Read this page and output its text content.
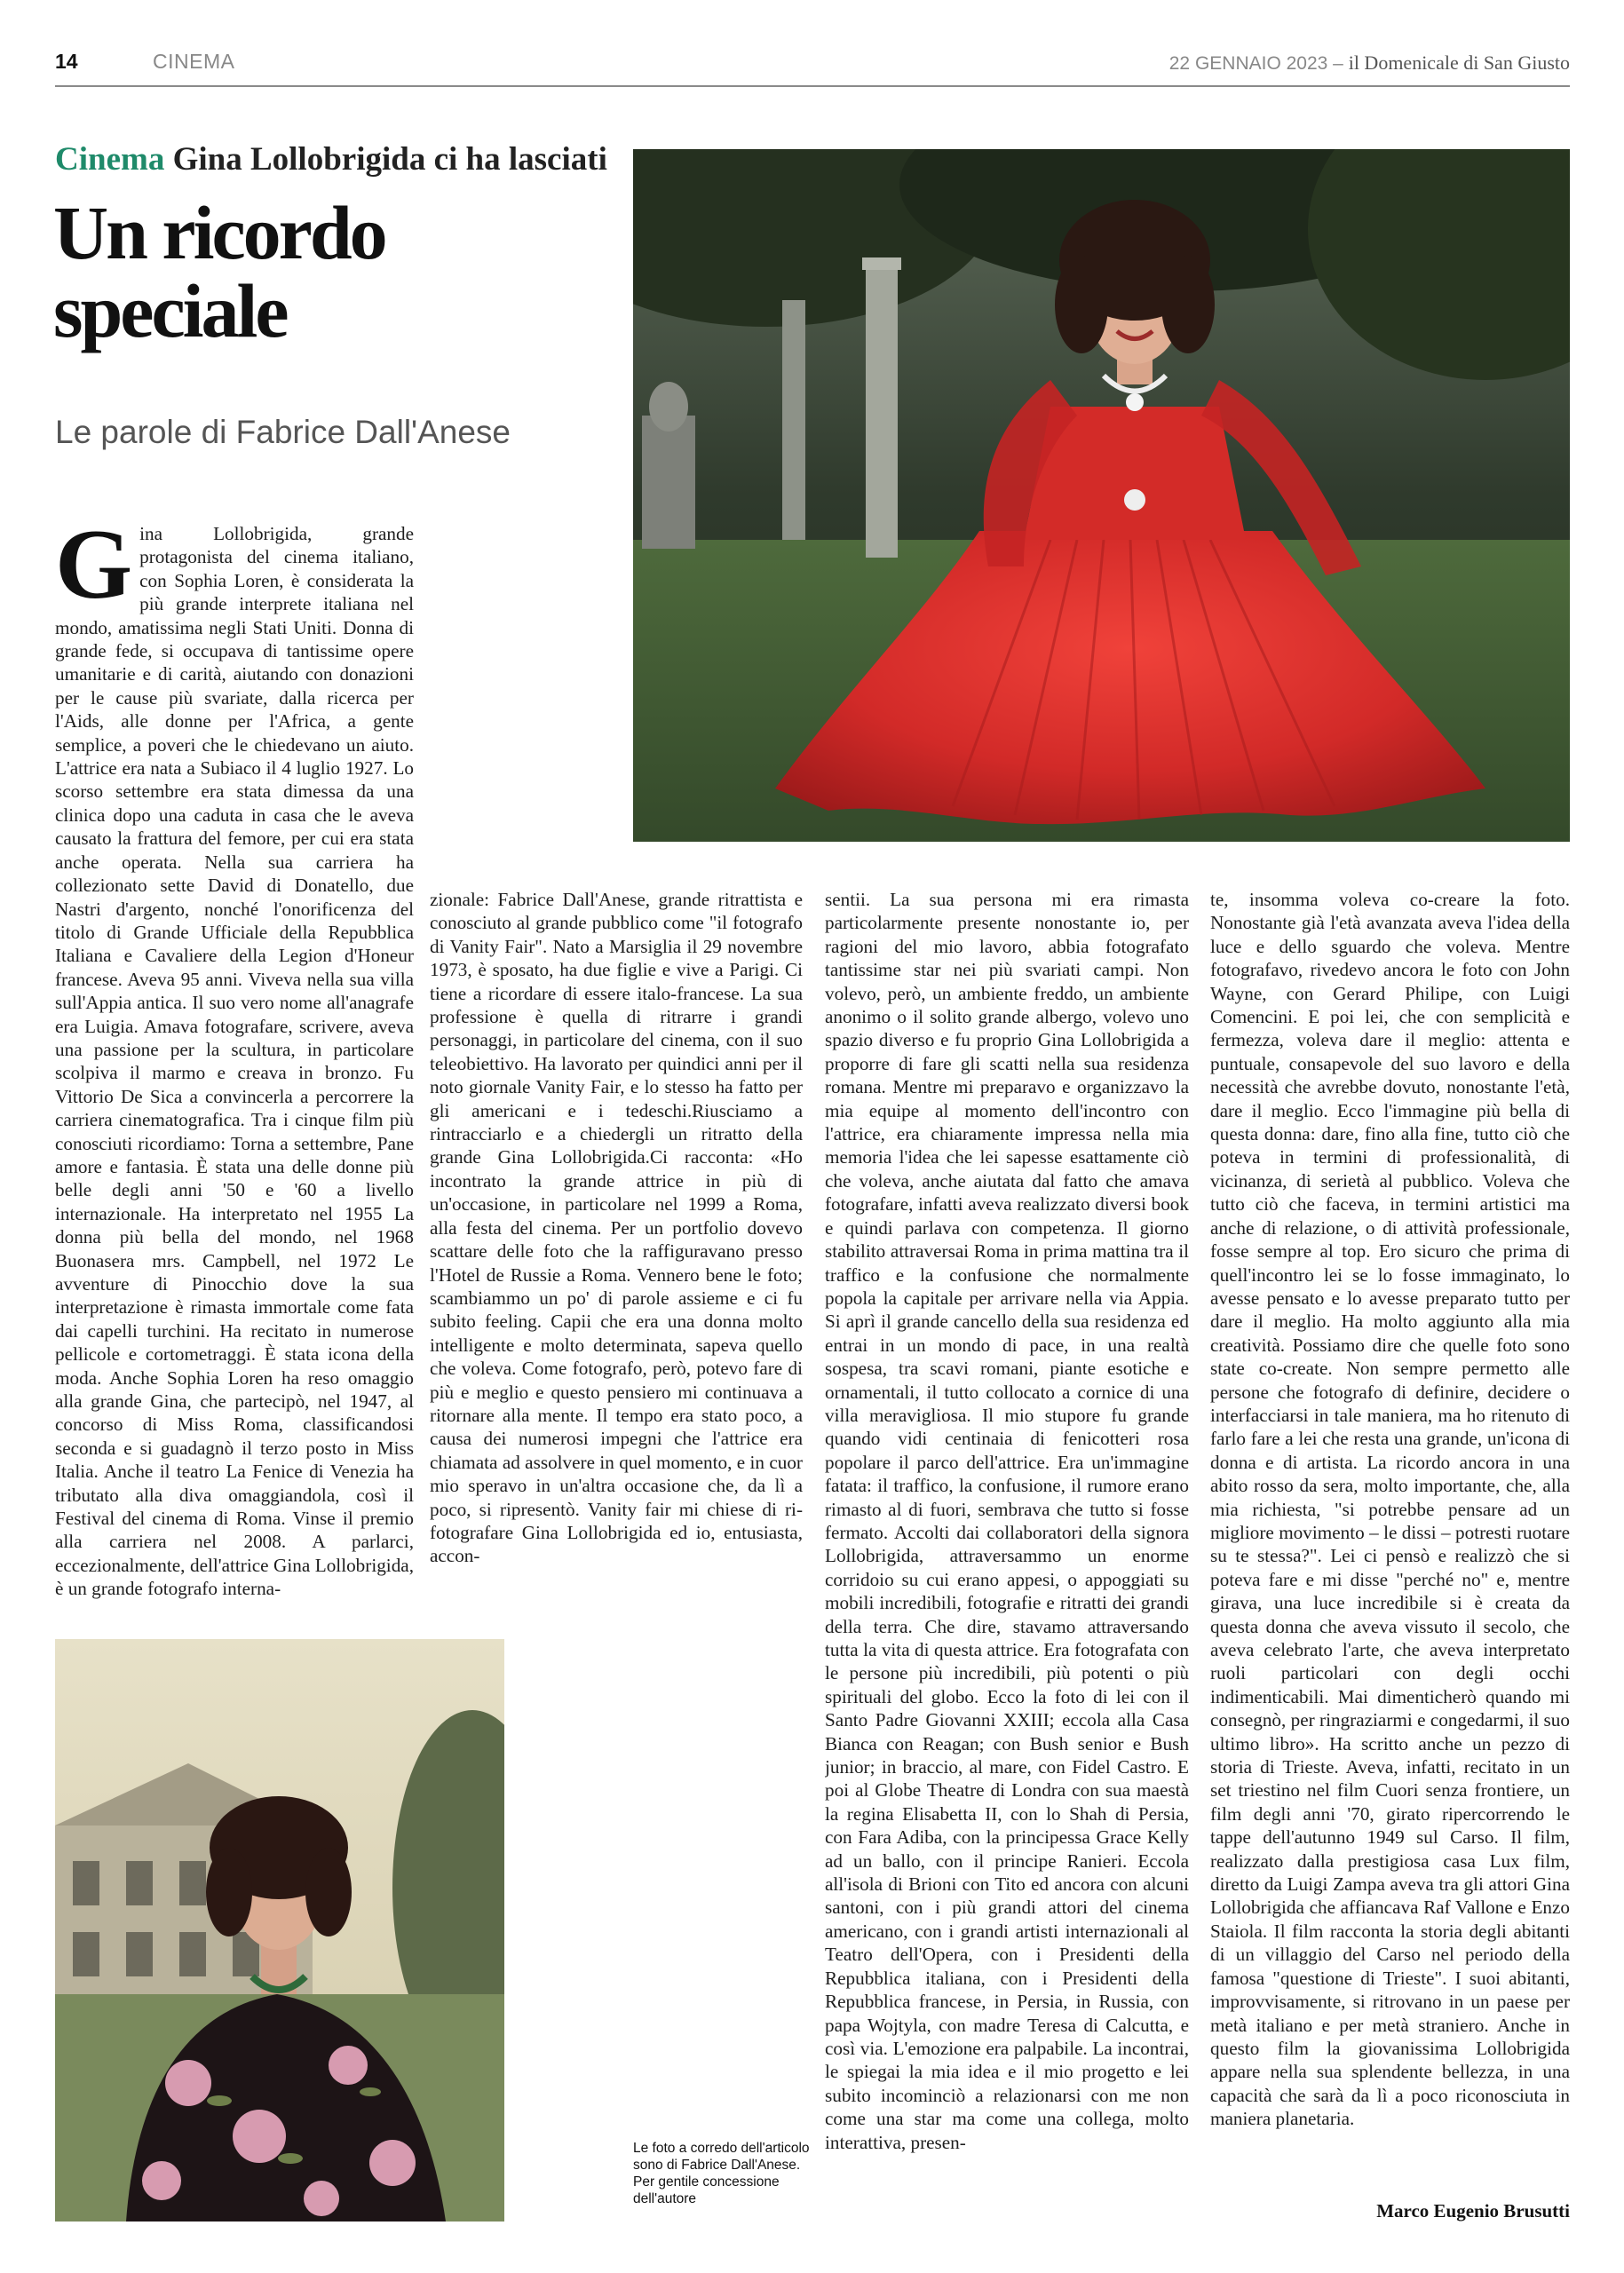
14	CINEMA	22 GENNAIO 2023 – il Domenicale di San Giusto
Cinema Gina Lollobrigida ci ha lasciati
Un ricordo
speciale
Le parole di Fabrice Dall'Anese
Le foto a corredo dell'articolo sono di Fabrice Dall'Anese. Per gentile concessione dell'autore
G ina Lollobrigida, grande protagonista del cinema italiano, con Sophia Loren, è considerata la più grande interprete italiana nel mondo, amatissima negli Stati Uniti. Donna di grande fede, si occupava di tantissime opere umanitarie e di carità, aiutando con donazioni per le cause più svariate, dalla ricerca per l'Aids, alle donne per l'Africa, a gente semplice, a poveri che le chiedevano un aiuto. L'attrice era nata a Subiaco il 4 luglio 1927. Lo scorso settembre era stata dimessa da una clinica dopo una caduta in casa che le aveva causato la frattura del femore, per cui era stata anche operata. Nella sua carriera ha collezionato sette David di Donatello, due Nastri d'argento, nonché l'onorificenza del titolo di Grande Ufficiale della Repubblica Italiana e Cavaliere della Legion d'Honeur francese. Aveva 95 anni. Viveva nella sua villa sull'Appia antica. Il suo vero nome all'anagrafe era Luigia. Amava fotografare, scrivere, aveva una passione per la scultura, in particolare scolpiva il marmo e creava in bronzo. Fu Vittorio De Sica a convincerla a percorrere la carriera cinematografica. Tra i cinque film più conosciuti ricordiamo: Torna a settembre, Pane amore e fantasia. È stata una delle donne più belle degli anni '50 e '60 a livello internazionale. Ha interpretato nel 1955 La donna più bella del mondo, nel 1968 Buonasera mrs. Campbell, nel 1972 Le avventure di Pinocchio dove la sua interpretazione è rimasta immortale come fata dai capelli turchini. Ha recitato in numerose pellicole e cortometraggi. È stata icona della moda. Anche Sophia Loren ha reso omaggio alla grande Gina, che partecipò, nel 1947, al concorso di Miss Roma, classificandosi seconda e si guadagnò il terzo posto in Miss Italia. Anche il teatro La Fenice di Venezia ha tributato alla diva omaggiandola, così il Festival del cinema di Roma. Vinse il premio alla carriera nel 2008. A parlarci, eccezionalmente, dell'attrice Gina Lollobrigida, è un grande fotografo interna-

zionale: Fabrice Dall'Anese, grande ritrattista e conosciuto al grande pubblico come "il fotografo di Vanity Fair". Nato a Marsiglia il 29 novembre 1973, è sposato, ha due figlie e vive a Parigi. Ci tiene a ricordare di essere italo-francese. La sua professione è quella di ritrarre i grandi personaggi, in particolare del cinema, con il suo teleobiettivo. Ha lavorato per quindici anni per il noto giornale Vanity Fair, e lo stesso ha fatto per gli americani e i tedeschi.Riusciamo a rintracciarlo e a chiedergli un ritratto della grande Gina Lollobrigida.Ci racconta: «Ho incontrato la grande attrice in più di un'occasione, in particolare nel 1999 a Roma, alla festa del cinema. Per un portfolio dovevo scattare delle foto che la raffiguravano presso l'Hotel de Russie a Roma. Vennero bene le foto; scambiammo un po' di parole assieme e ci fu subito feeling. Capii che era una donna molto intelligente e molto determinata, sapeva quello che voleva. Come fotografo, però, potevo fare di più e meglio e questo pensiero mi continuava a ritornare alla mente. Il tempo era stato poco, a causa dei numerosi impegni che l'attrice era chiamata ad assolvere in quel momento, e in cuor mio speravo in un'altra occasione che, da lì a poco, si ripresentò. Vanity fair mi chiese di ri-fotografare Gina Lollobrigida ed io, entusiasta, accon-

sentii. La sua persona mi era rimasta particolarmente presente nonostante io, per ragioni del mio lavoro, abbia fotografato tantissime star nei più svariati campi. Non volevo, però, un ambiente freddo, un ambiente anonimo o il solito grande albergo, volevo uno spazio diverso e fu proprio Gina Lollobrigida a proporre di fare gli scatti nella sua residenza romana. Mentre mi preparavo e organizzavo la mia equipe al momento dell'incontro con l'attrice, era chiaramente impressa nella mia memoria l'idea che lei sapesse esattamente ciò che voleva, anche aiutata dal fatto che amava fotografare, infatti aveva realizzato diversi book e quindi parlava con competenza. Il giorno stabilito attraversai Roma in prima mattina tra il traffico e la confusione che normalmente popola la capitale per arrivare nella via Appia. Si aprì il grande cancello della sua residenza ed entrai in un mondo di pace, in una realtà sospesa, tra scavi romani, piante esotiche e ornamentali, il tutto collocato a cornice di una villa meravigliosa. Il mio stupore fu grande quando vidi centinaia di fenicotteri rosa popolare il parco dell'attrice. Era un'immagine fatata: il traffico, la confusione, il rumore erano rimasto al di fuori, sembrava che tutto si fosse fermato. Accolti dai collaboratori della signora Lollobrigida, attraversammo un enorme corridoio su cui erano appesi, o appoggiati su mobili incredibili, fotografie e ritratti dei grandi della terra. Che dire, stavamo attraversando tutta la vita di questa attrice. Era fotografata con le persone più incredibili, più potenti o più spirituali del globo. Ecco la foto di lei con il Santo Padre Giovanni XXIII; eccola alla Casa Bianca con Reagan; con Bush senior e Bush junior; in braccio, al mare, con Fidel Castro. E poi al Globe Theatre di Londra con sua maestà la regina Elisabetta II, con lo Shah di Persia, con Fara Adiba, con la principessa Grace Kelly ad un ballo, con il principe Ranieri. Eccola all'isola di Brioni con Tito ed ancora con alcuni santoni, con i più grandi attori del cinema americano, con i grandi artisti internazionali al Teatro dell'Opera, con i Presidenti della Repubblica italiana, con i Presidenti della Repubblica francese, in Persia, in Russia, con papa Wojtyla, con madre Teresa di Calcutta, e così via. L'emozione era palpabile. La incontrai, le spiegai la mia idea e il mio progetto e lei subito incominciò a relazionarsi con me non come una star ma come una collega, molto interattiva, presen-

te, insomma voleva co-creare la foto. Nonostante già l'età avanzata aveva l'idea della luce e dello sguardo che voleva. Mentre fotografavo, rivedevo ancora le foto con John Wayne, con Gerard Philipe, con Luigi Comencini. E poi lei, che con semplicità e fermezza, voleva dare il meglio: attenta e puntuale, consapevole del suo lavoro e della necessità che avrebbe dovuto, nonostante l'età, dare il meglio. Ecco l'immagine più bella di questa donna: dare, fino alla fine, tutto ciò che poteva in termini di professionalità, di vicinanza, di serietà al pubblico. Voleva che tutto ciò che faceva, in termini artistici ma anche di relazione, o di attività professionale, fosse sempre al top. Ero sicuro che prima di quell'incontro lei se lo fosse immaginato, lo avesse pensato e lo avesse preparato tutto per dare il meglio. Ha molto aggiunto alla mia creatività. Possiamo dire che quelle foto sono state co-create. Non sempre permetto alle persone che fotografo di definire, decidere o interfacciarsi in tale maniera, ma ho ritenuto di farlo fare a lei che resta una grande, un'icona di donna e di artista. La ricordo ancora in una abito rosso da sera, molto importante, che, alla mia richiesta, "si potrebbe pensare ad un migliore movimento – le dissi – potresti ruotare su te stessa?". Lei ci pensò e realizzò che si poteva fare e mi disse "perché no" e, mentre girava, una luce incredibile si è creata da questa donna che aveva vissuto il secolo, che aveva celebrato l'arte, che aveva interpretato ruoli particolari con degli occhi indimenticabili. Mai dimenticherò quando mi consegnò, per ringraziarmi e congedarmi, il suo ultimo libro». Ha scritto anche un pezzo di storia di Trieste. Aveva, infatti, recitato in un set triestino nel film Cuori senza frontiere, un film degli anni '70, girato ripercorrendo le tappe dell'autunno 1949 sul Carso. Il film, realizzato dalla prestigiosa casa Lux film, diretto da Luigi Zampa aveva tra gli attori Gina Lollobrigida che affiancava Raf Vallone e Enzo Staiola. Il film racconta la storia degli abitanti di un villaggio del Carso nel periodo della famosa "questione di Trieste". I suoi abitanti, improvvisamente, si ritrovano in un paese per metà italiano e per metà straniero. Anche in questo film la giovanissima Lollobrigida appare nella sua splendente bellezza, in una capacità che sarà da lì a poco riconosciuta in maniera planetaria.

Marco Eugenio Brusutti
